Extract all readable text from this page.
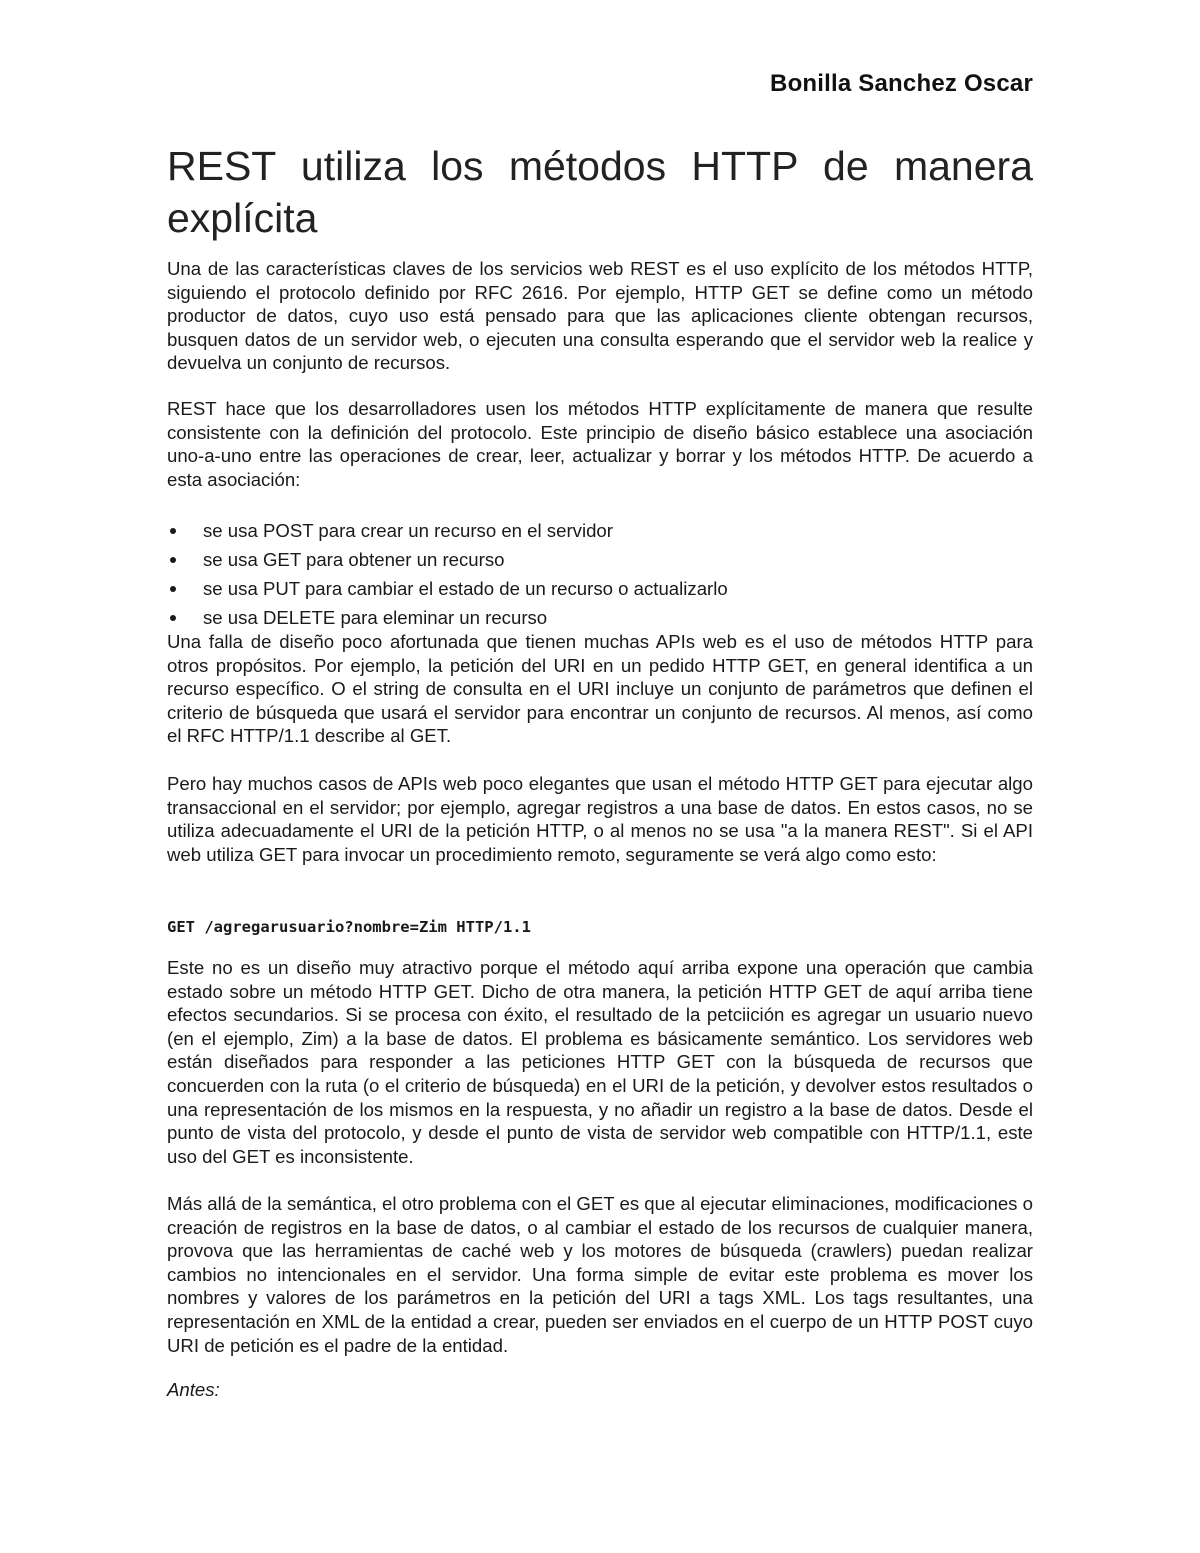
Bonilla Sanchez Oscar
REST utiliza los métodos HTTP de manera explícita

Una de las características claves de los servicios web REST es el uso explícito de los métodos HTTP, siguiendo el protocolo definido por RFC 2616. Por ejemplo, HTTP GET se define como un método productor de datos, cuyo uso está pensado para que las aplicaciones cliente obtengan recursos, busquen datos de un servidor web, o ejecuten una consulta esperando que el servidor web la realice y devuelva un conjunto de recursos.

REST hace que los desarrolladores usen los métodos HTTP explícitamente de manera que resulte consistente con la definición del protocolo. Este principio de diseño básico establece una asociación uno-a-uno entre las operaciones de crear, leer, actualizar y borrar y los métodos HTTP. De acuerdo a esta asociación:

se usa POST para crear un recurso en el servidor
se usa GET para obtener un recurso
se usa PUT para cambiar el estado de un recurso o actualizarlo
se usa DELETE para eleminar un recurso

Una falla de diseño poco afortunada que tienen muchas APIs web es el uso de métodos HTTP para otros propósitos. Por ejemplo, la petición del URI en un pedido HTTP GET, en general identifica a un recurso específico. O el string de consulta en el URI incluye un conjunto de parámetros que definen el criterio de búsqueda que usará el servidor para encontrar un conjunto de recursos. Al menos, así como el RFC HTTP/1.1 describe al GET.

Pero hay muchos casos de APIs web poco elegantes que usan el método HTTP GET para ejecutar algo transaccional en el servidor; por ejemplo, agregar registros a una base de datos. En estos casos, no se utiliza adecuadamente el URI de la petición HTTP, o al menos no se usa "a la manera REST". Si el API web utiliza GET para invocar un procedimiento remoto, seguramente se verá algo como esto:

GET /agregarusuario?nombre=Zim HTTP/1.1

Este no es un diseño muy atractivo porque el método aquí arriba expone una operación que cambia estado sobre un método HTTP GET. Dicho de otra manera, la petición HTTP GET de aquí arriba tiene efectos secundarios. Si se procesa con éxito, el resultado de la petciición es agregar un usuario nuevo (en el ejemplo, Zim) a la base de datos. El problema es básicamente semántico. Los servidores web están diseñados para responder a las peticiones HTTP GET con la búsqueda de recursos que concuerden con la ruta (o el criterio de búsqueda) en el URI de la petición, y devolver estos resultados o una representación de los mismos en la respuesta, y no añadir un registro a la base de datos. Desde el punto de vista del protocolo, y desde el punto de vista de servidor web compatible con HTTP/1.1, este uso del GET es inconsistente.

Más allá de la semántica, el otro problema con el GET es que al ejecutar eliminaciones, modificaciones o creación de registros en la base de datos, o al cambiar el estado de los recursos de cualquier manera, provova que las herramientas de caché web y los motores de búsqueda (crawlers) puedan realizar cambios no intencionales en el servidor. Una forma simple de evitar este problema es mover los nombres y valores de los parámetros en la petición del URI a tags XML. Los tags resultantes, una representación en XML de la entidad a crear, pueden ser enviados en el cuerpo de un HTTP POST cuyo URI de petición es el padre de la entidad.

Antes:
